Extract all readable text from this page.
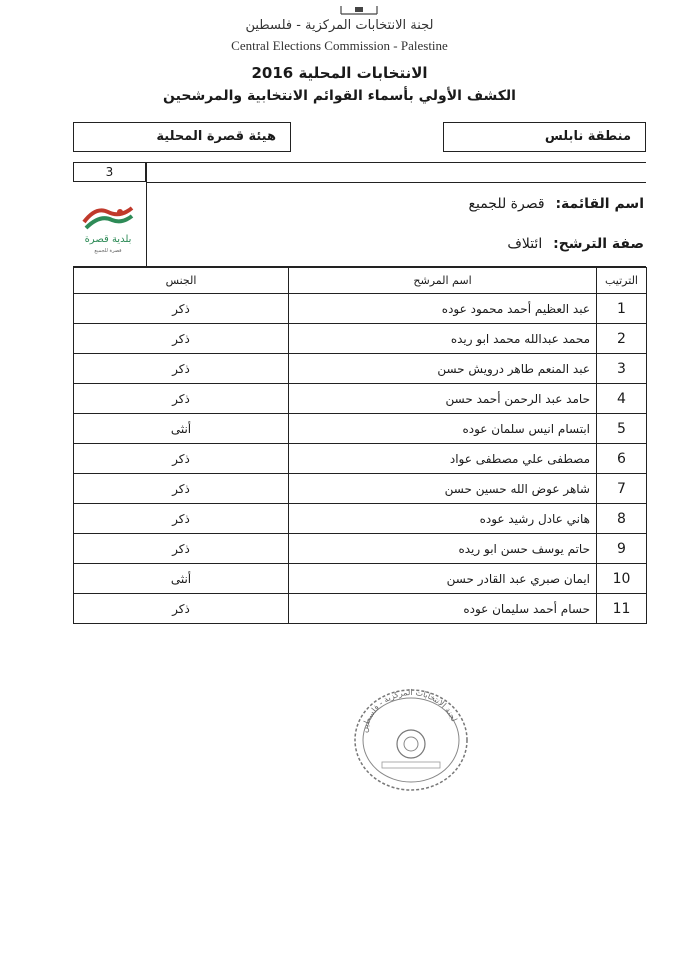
لجنة الانتخابات المركزية - فلسطين
Central Elections Commission - Palestine
الانتخابات المحلية 2016
الكشف الأولي بأسماء القوائم الانتخابية والمرشحين
منطقة نابلس
هيئة قصرة المحلية
3
بلدية قصرة
قصرة للجميع
اسم القائمة: قصرة للجميع
صفة الترشح: ائتلاف
الترتيب	اسم المرشح	الجنس
1	عبد العظيم أحمد محمود عوده	ذكر
2	محمد عبدالله محمد ابو ريده	ذكر
3	عبد المنعم طاهر درويش حسن	ذكر
4	حامد عبد الرحمن أحمد حسن	ذكر
5	ابتسام انيس سلمان عوده	أنثى
6	مصطفى علي مصطفى عواد	ذكر
7	شاهر عوض الله حسين حسن	ذكر
8	هاني عادل رشيد عوده	ذكر
9	حاتم يوسف حسن ابو ريده	ذكر
10	ايمان صبري عبد القادر حسن	أنثى
11	حسام أحمد سليمان عوده	ذكر
لجنة الانتخابات المركزية - فلسطين
